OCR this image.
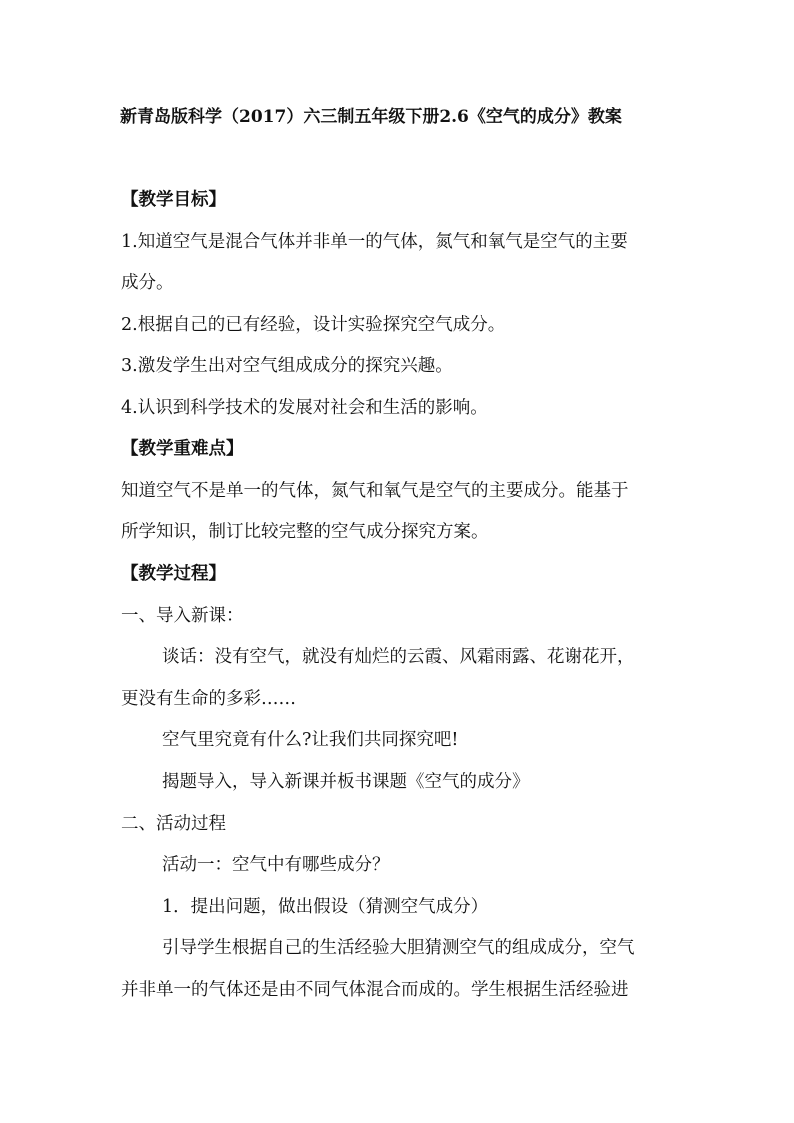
新青岛版科学（2017）六三制五年级下册2.6《空气的成分》教案
【教学目标】
1.知道空气是混合气体并非单一的气体，氮气和氧气是空气的主要
成分。
2.根据自己的已有经验，设计实验探究空气成分。
3.激发学生出对空气组成成分的探究兴趣。
4.认识到科学技术的发展对社会和生活的影响。
【教学重难点】
知道空气不是单一的气体，氮气和氧气是空气的主要成分。能基于
所学知识，制订比较完整的空气成分探究方案。
【教学过程】
一、导入新课：
谈话：没有空气，就没有灿烂的云霞、风霜雨露、花谢花开，
更没有生命的多彩……
空气里究竟有什么?让我们共同探究吧!
揭题导入，导入新课并板书课题《空气的成分》
二、活动过程
活动一：空气中有哪些成分？
1．提出问题，做出假设（猜测空气成分）
引导学生根据自己的生活经验大胆猜测空气的组成成分，空气
并非单一的气体还是由不同气体混合而成的。学生根据生活经验进
